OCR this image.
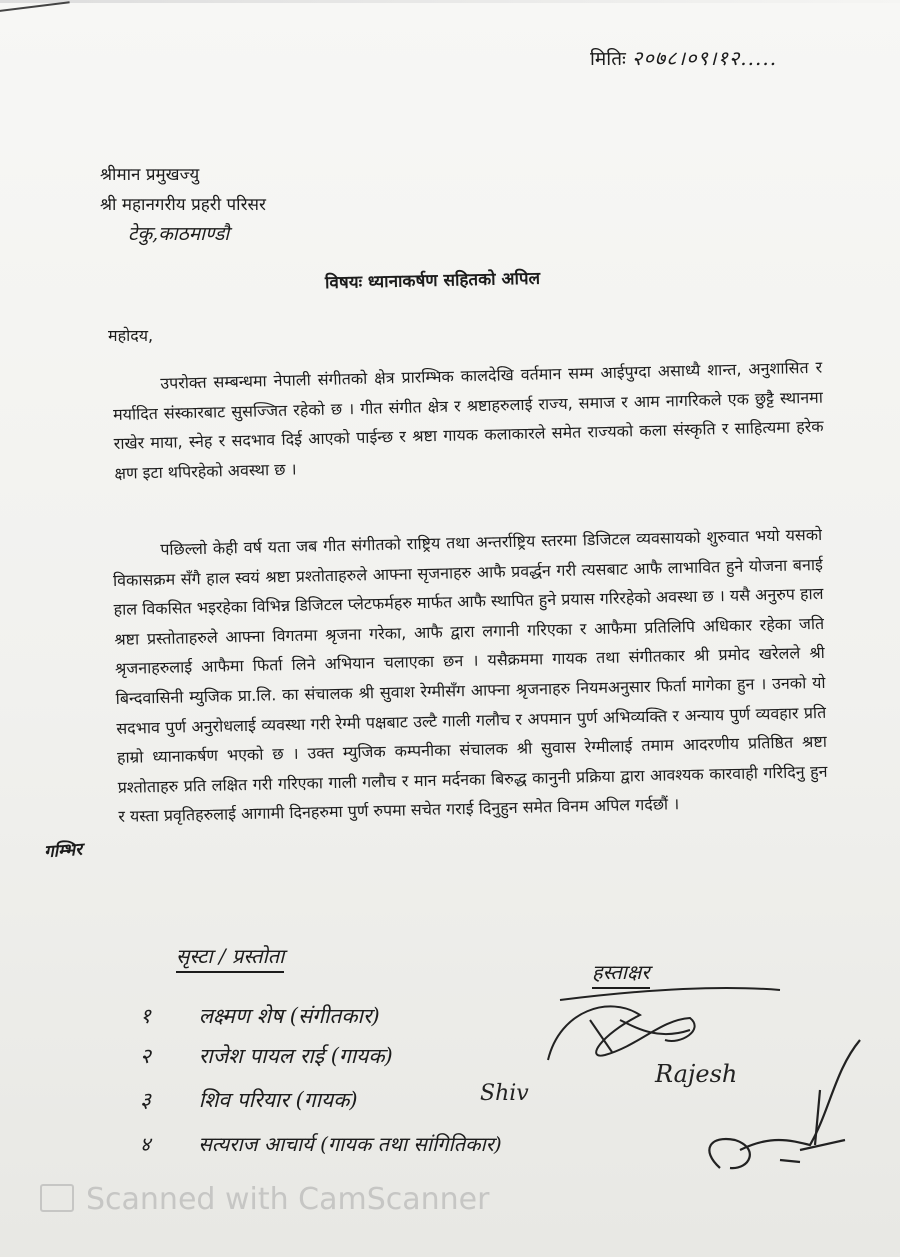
मितिः २०७८।०९।१२.....
श्रीमान प्रमुखज्यु
श्री महानगरीय प्रहरी परिसर
टेकु,काठमाण्डौ
विषयः ध्यानाकर्षण सहितको अपिल
महोदय,
उपरोक्त सम्बन्धमा नेपाली संगीतको क्षेत्र प्रारम्भिक कालदेखि वर्तमान सम्म आईपुग्दा असाध्यै शान्त, अनुशासित र मर्यादित संस्कारबाट सुसज्जित रहेको छ । गीत संगीत क्षेत्र र श्रष्टाहरुलाई राज्य, समाज र आम नागरिकले एक छुट्टै स्थानमा राखेर माया, स्नेह र सदभाव दिई आएको पाईन्छ र श्रष्टा गायक कलाकारले समेत राज्यको कला संस्कृति र साहित्यमा हरेक क्षण इटा थपिरहेको अवस्था छ ।
पछिल्लो केही वर्ष यता जब गीत संगीतको राष्ट्रिय तथा अन्तर्राष्ट्रिय स्तरमा डिजिटल व्यवसायको शुरुवात भयो यसको विकासक्रम सँगै हाल स्वयं श्रष्टा प्रश्तोताहरुले आफ्ना सृजनाहरु आफै प्रवर्द्धन गरी त्यसबाट आफै लाभावित हुने योजना बनाई हाल विकसित भइरहेका विभिन्न डिजिटल प्लेटफर्महरु मार्फत आफै स्थापित हुने प्रयास गरिरहेको अवस्था छ । यसै अनुरुप हाल श्रष्टा प्रस्तोताहरुले आफ्ना विगतमा श्रृजना गरेका, आफै द्वारा लगानी गरिएका र आफैमा प्रतिलिपि अधिकार रहेका जति श्रृजनाहरुलाई आफैमा फिर्ता लिने अभियान चलाएका छन । यसैक्रममा गायक तथा संगीतकार श्री प्रमोद खरेलले श्री बिन्दवासिनी म्युजिक प्रा.लि. का संचालक श्री सुवाश रेग्मीसँग आफ्ना श्रृजनाहरु नियमअनुसार फिर्ता मागेका हुन । उनको यो सदभाव पुर्ण अनुरोधलाई व्यवस्था गरी रेग्मी पक्षबाट उल्टै गाली गलौच र अपमान पुर्ण अभिव्यक्ति र अन्याय पुर्ण व्यवहार प्रति हाम्रो ध्यानाकर्षण भएको छ । उक्त म्युजिक कम्पनीका संचालक श्री सुवास रेग्मीलाई तमाम आदरणीय प्रतिष्ठित श्रष्टा प्रश्तोताहरु प्रति लक्षित गरी गरिएका गाली गलौच र मान मर्दनका बिरुद्ध कानुनी प्रक्रिया द्वारा आवश्यक कारवाही गरिदिनु हुन र यस्ता प्रवृतिहरुलाई आगामी दिनहरुमा पुर्ण रुपमा सचेत गराई दिनुहुन समेत विनम अपिल गर्दछौं ।
गम्भिर
सृस्टा / प्रस्तोता
हस्ताक्षर
१ लक्ष्मण शेष (संगीतकार)
२ राजेश पायल राई (गायक)
३ शिव परियार (गायक)
४ सत्यराज आचार्य (गायक तथा सांगितिकार)
Rajesh
Shiv
Scanned with CamScanner
